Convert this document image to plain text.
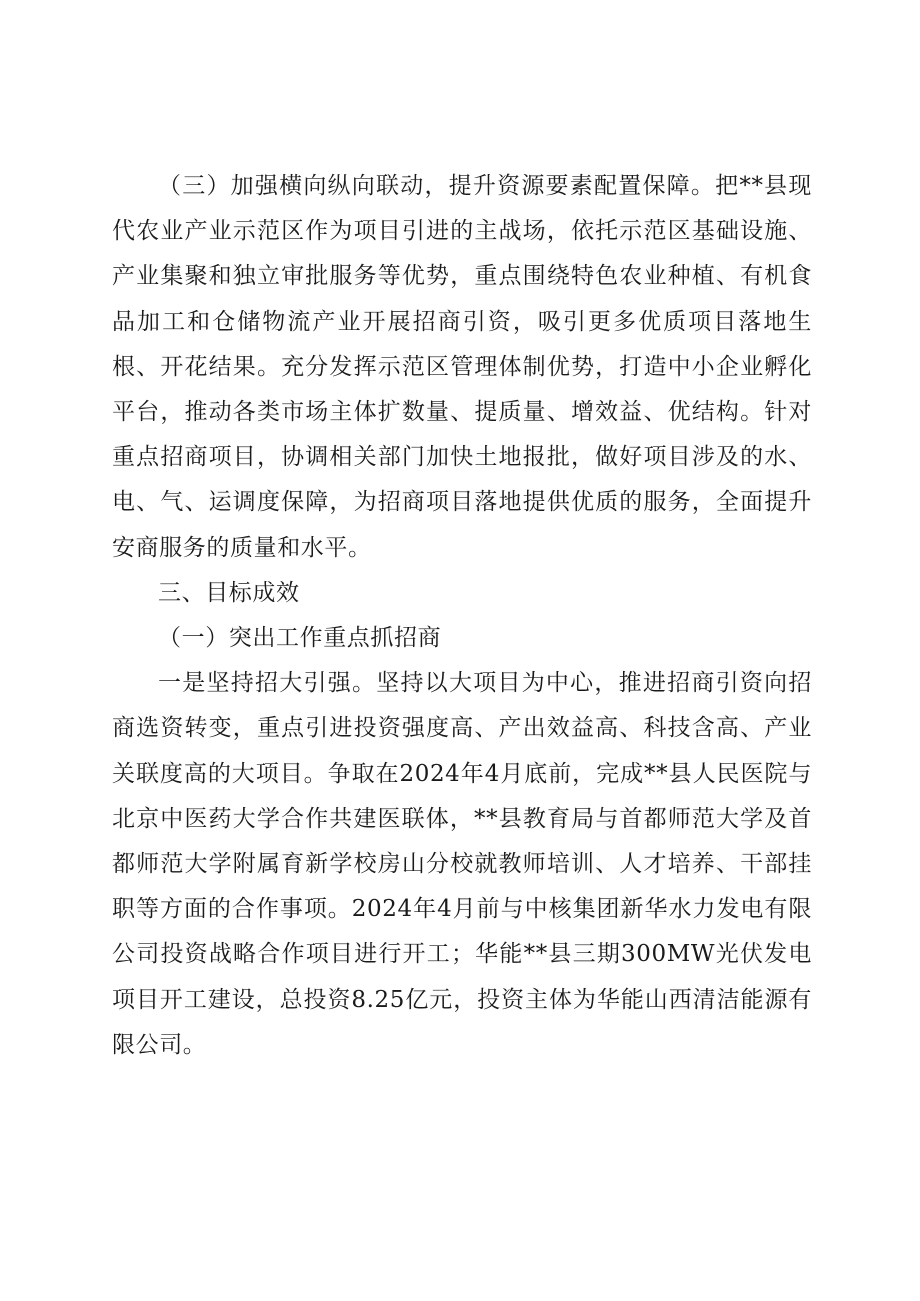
（三）加强横向纵向联动，提升资源要素配置保障。把**县现代农业产业示范区作为项目引进的主战场，依托示范区基础设施、产业集聚和独立审批服务等优势，重点围绕特色农业种植、有机食品加工和仓储物流产业开展招商引资，吸引更多优质项目落地生根、开花结果。充分发挥示范区管理体制优势，打造中小企业孵化平台，推动各类市场主体扩数量、提质量、增效益、优结构。针对重点招商项目，协调相关部门加快土地报批，做好项目涉及的水、电、气、运调度保障，为招商项目落地提供优质的服务，全面提升安商服务的质量和水平。

三、目标成效

（一）突出工作重点抓招商

一是坚持招大引强。坚持以大项目为中心，推进招商引资向招商选资转变，重点引进投资强度高、产出效益高、科技含高、产业关联度高的大项目。争取在2024年4月底前，完成**县人民医院与北京中医药大学合作共建医联体，**县教育局与首都师范大学及首都师范大学附属育新学校房山分校就教师培训、人才培养、干部挂职等方面的合作事项。2024年4月前与中核集团新华水力发电有限公司投资战略合作项目进行开工；华能**县三期300MW光伏发电项目开工建设，总投资8.25亿元，投资主体为华能山西清洁能源有限公司。
